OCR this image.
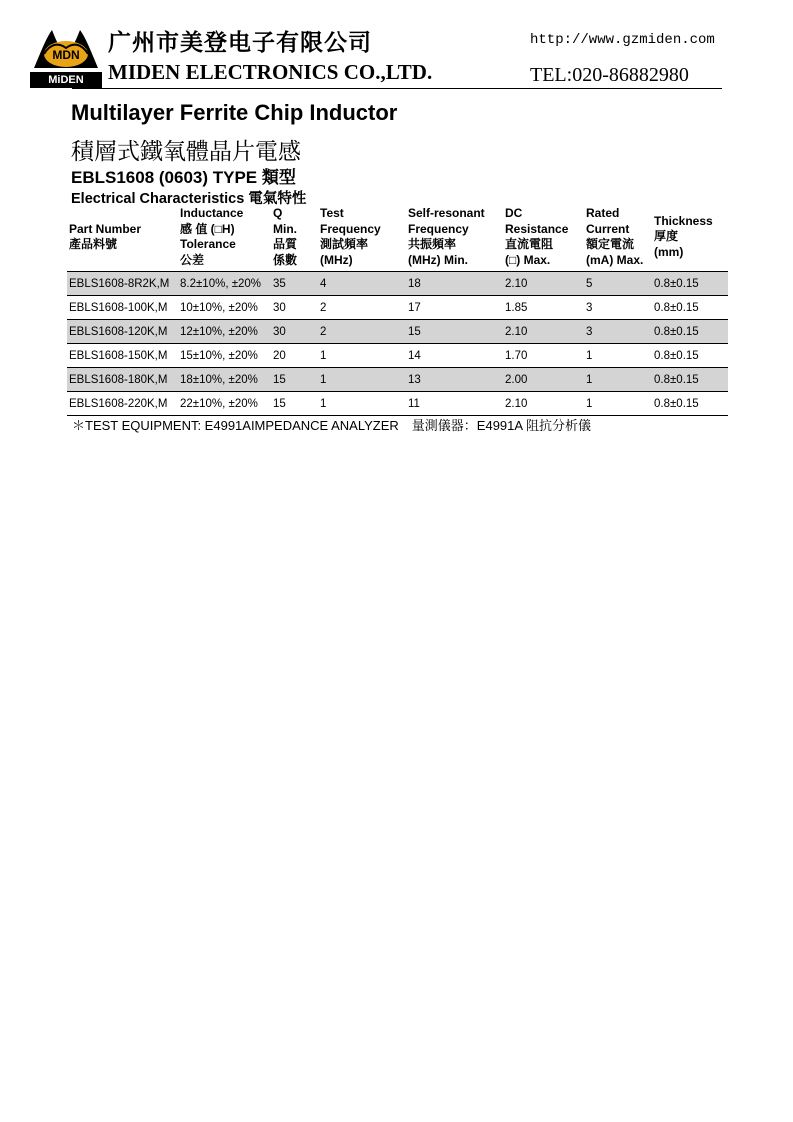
MDN
MiDEN
广州市美登电子有限公司
MIDEN ELECTRONICS CO.,LTD.
http://www.gzmiden.com
TEL:020-86882980
Multilayer Ferrite Chip Inductor
積層式鐵氧體晶片電感
EBLS1608 (0603) TYPE 類型
Electrical Characteristics 電氣特性
Part Number
產品料號	Inductance
感 值 (□H)
Tolerance
公差	Q
Min.
品質
係數	Test
Frequency
測試頻率
(MHz)	Self-resonant
Frequency
共振頻率
(MHz) Min.	DC
Resistance
直流電阻
(□) Max.	Rated
Current
額定電流
(mA) Max.	Thickness
厚度
(mm)
EBLS1608-8R2K,M	8.2±10%, ±20%	35	4	18	2.10	5	0.8±0.15
EBLS1608-100K,M	10±10%, ±20%	30	2	17	1.85	3	0.8±0.15
EBLS1608-120K,M	12±10%, ±20%	30	2	15	2.10	3	0.8±0.15
EBLS1608-150K,M	15±10%, ±20%	20	1	14	1.70	1	0.8±0.15
EBLS1608-180K,M	18±10%, ±20%	15	1	13	2.00	1	0.8±0.15
EBLS1608-220K,M	22±10%, ±20%	15	1	11	2.10	1	0.8±0.15
＊TEST EQUIPMENT: E4991AIMPEDANCE ANALYZER　量測儀器：E4991A 阻抗分析儀
